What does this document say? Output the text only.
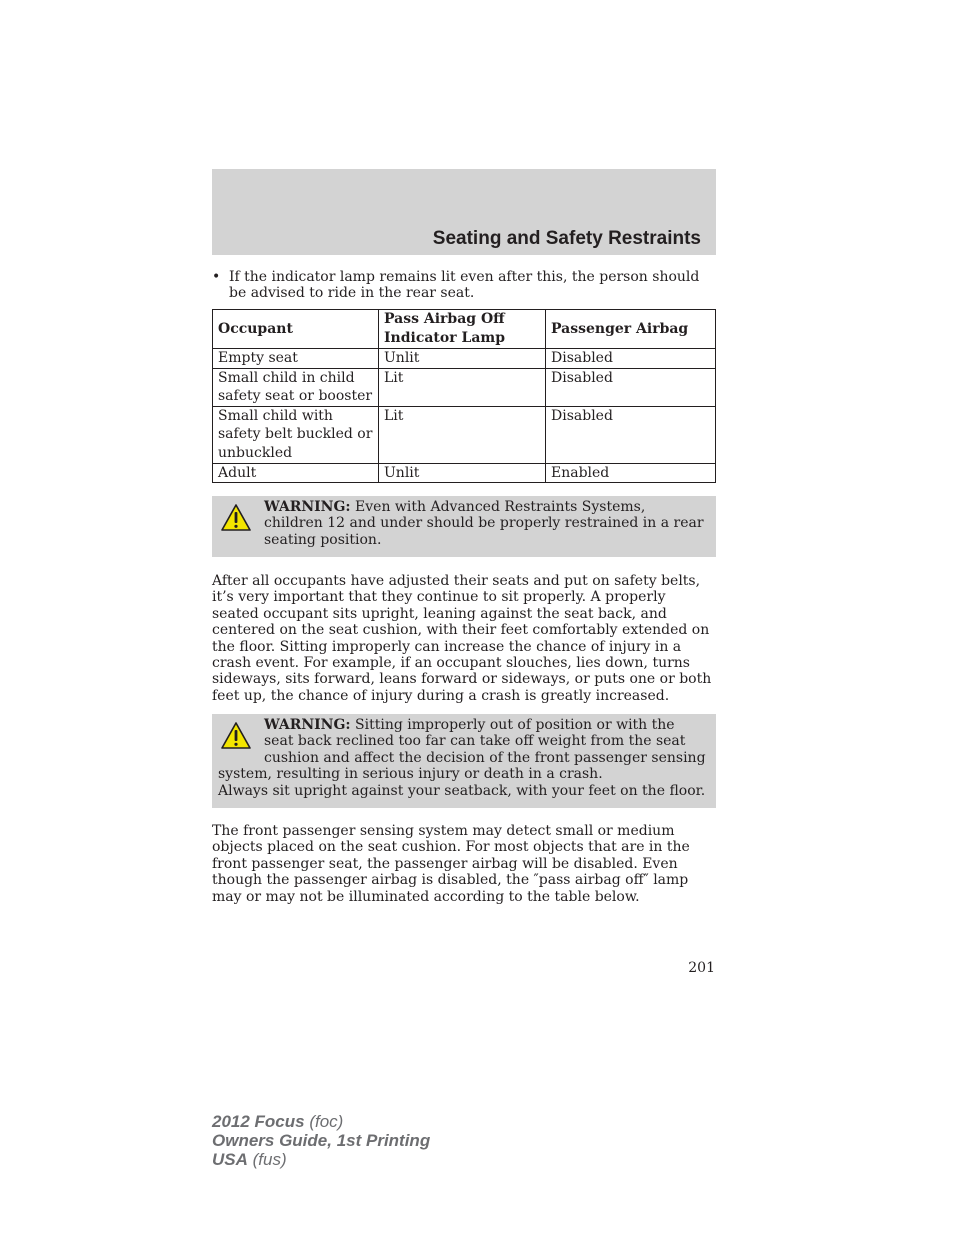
Seating and Safety Restraints
• If the indicator lamp remains lit even after this, the person should be advised to ride in the rear seat.
Occupant	Pass Airbag Off Indicator Lamp	Passenger Airbag
Empty seat	Unlit	Disabled
Small child in child safety seat or booster	Lit	Disabled
Small child with safety belt buckled or unbuckled	Lit	Disabled
Adult	Unlit	Enabled
WARNING: Even with Advanced Restraints Systems, children 12 and under should be properly restrained in a rear seating position.
After all occupants have adjusted their seats and put on safety belts, it’s very important that they continue to sit properly. A properly seated occupant sits upright, leaning against the seat back, and centered on the seat cushion, with their feet comfortably extended on the floor. Sitting improperly can increase the chance of injury in a crash event. For example, if an occupant slouches, lies down, turns sideways, sits forward, leans forward or sideways, or puts one or both feet up, the chance of injury during a crash is greatly increased.
WARNING: Sitting improperly out of position or with the seat back reclined too far can take off weight from the seat cushion and affect the decision of the front passenger sensing system, resulting in serious injury or death in a crash.
Always sit upright against your seatback, with your feet on the floor.
The front passenger sensing system may detect small or medium objects placed on the seat cushion. For most objects that are in the front passenger seat, the passenger airbag will be disabled. Even though the passenger airbag is disabled, the ″pass airbag off″ lamp may or may not be illuminated according to the table below.
201
2012 Focus (foc)
Owners Guide, 1st Printing
USA (fus)
